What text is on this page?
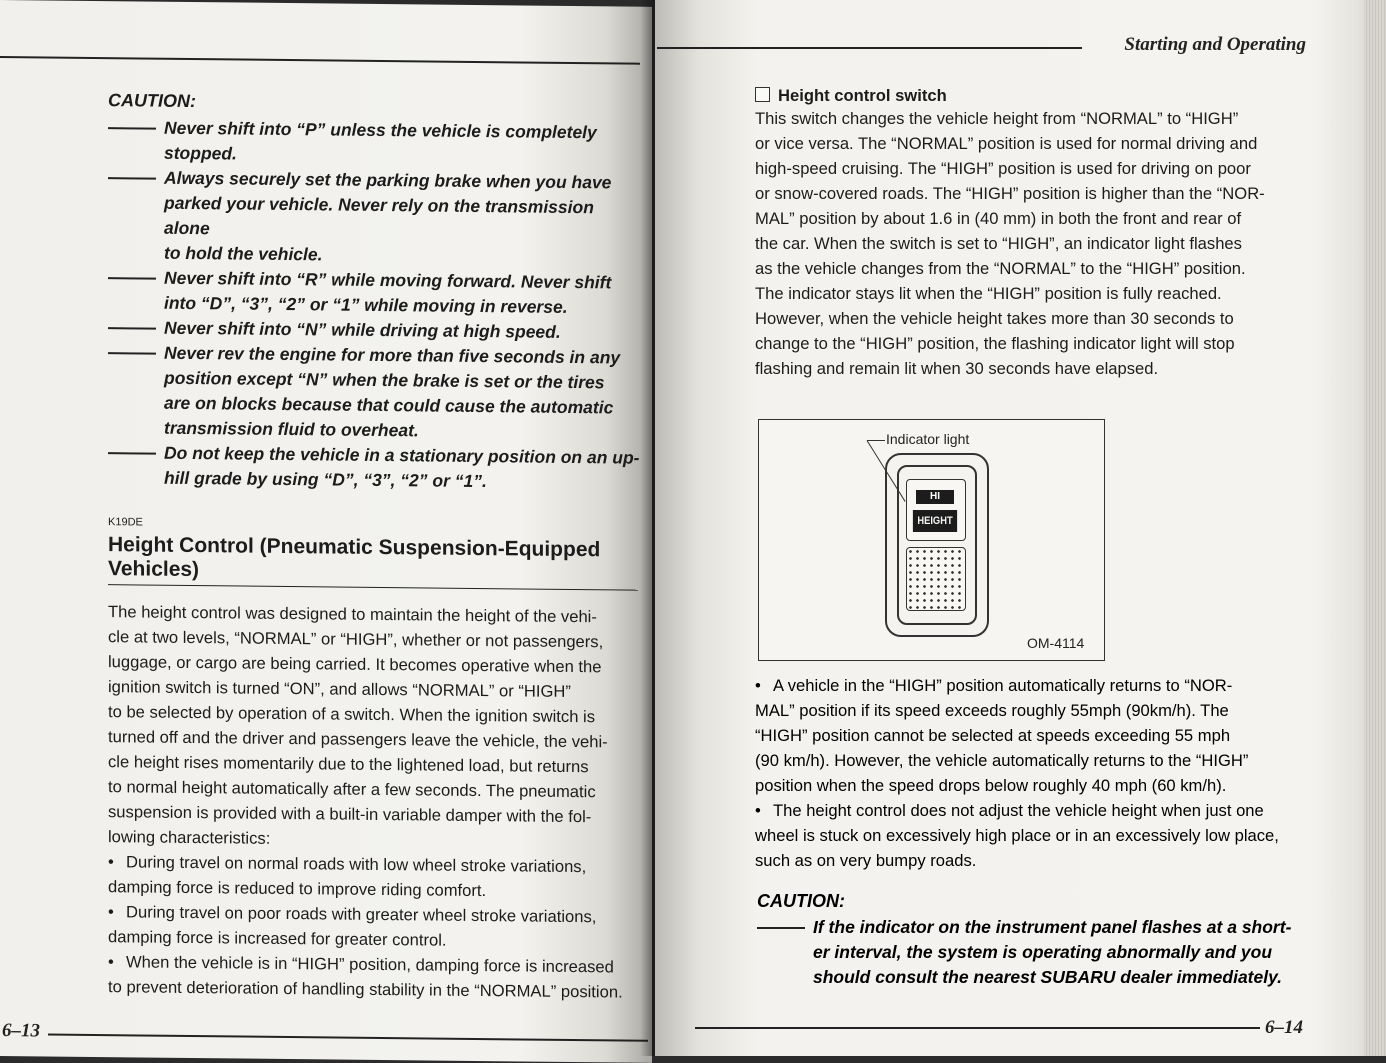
CAUTION:
Never shift into “P” unless the vehicle is completely
stopped.
Always securely set the parking brake when you have
parked your vehicle. Never rely on the transmission alone
to hold the vehicle.
Never shift into “R” while moving forward. Never shift
into “D”, “3”, “2” or “1” while moving in reverse.
Never shift into “N” while driving at high speed.
Never rev the engine for more than five seconds in any
position except “N” when the brake is set or the tires
are on blocks because that could cause the automatic
transmission fluid to overheat.
Do not keep the vehicle in a stationary position on an up-
hill grade by using “D”, “3”, “2” or “1”.
K19DE
Height Control (Pneumatic Suspension-Equipped
Vehicles)
The height control was designed to maintain the height of the vehi-
cle at two levels, “NORMAL” or “HIGH”, whether or not passengers,
luggage, or cargo are being carried. It becomes operative when the
ignition switch is turned “ON”, and allows “NORMAL” or “HIGH”
to be selected by operation of a switch. When the ignition switch is
turned off and the driver and passengers leave the vehicle, the vehi-
cle height rises momentarily due to the lightened load, but returns
to normal height automatically after a few seconds. The pneumatic
suspension is provided with a built-in variable damper with the fol-
lowing characteristics:
• During travel on normal roads with low wheel stroke variations,
damping force is reduced to improve riding comfort.
• During travel on poor roads with greater wheel stroke variations,
damping force is increased for greater control.
• When the vehicle is in “HIGH” position, damping force is increased
to prevent deterioration of handling stability in the “NORMAL” position.
6–13
Starting and Operating
Height control switch
This switch changes the vehicle height from “NORMAL” to “HIGH”
or vice versa. The “NORMAL” position is used for normal driving and
high-speed cruising. The “HIGH” position is used for driving on poor
or snow-covered roads. The “HIGH” position is higher than the “NOR-
MAL” position by about 1.6 in (40 mm) in both the front and rear of
the car. When the switch is set to “HIGH”, an indicator light flashes
as the vehicle changes from the “NORMAL” to the “HIGH” position.
The indicator stays lit when the “HIGH” position is fully reached.
However, when the vehicle height takes more than 30 seconds to
change to the “HIGH” position, the flashing indicator light will stop
flashing and remain lit when 30 seconds have elapsed.
6–14
HI
HEIGHT
Indicator light
OM-4114
• A vehicle in the “HIGH” position automatically returns to “NOR-
MAL” position if its speed exceeds roughly 55mph (90km/h). The
“HIGH” position cannot be selected at speeds exceeding 55 mph
(90 km/h). However, the vehicle automatically returns to the “HIGH”
position when the speed drops below roughly 40 mph (60 km/h).
• The height control does not adjust the vehicle height when just one
wheel is stuck on excessively high place or in an excessively low place,
such as on very bumpy roads.
CAUTION:
If the indicator on the instrument panel flashes at a short-
er interval, the system is operating abnormally and you
should consult the nearest SUBARU dealer immediately.
